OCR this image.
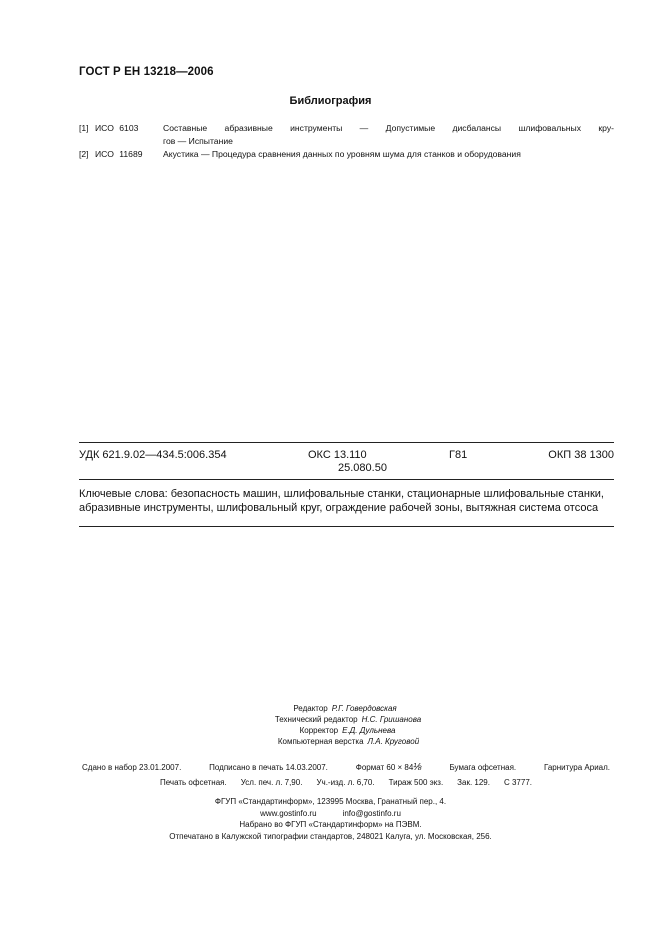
ГОСТ Р ЕН 13218—2006
Библиография
[1] ИСО 6103	Составные абразивные инструменты — Допустимые дисбалансы шлифовальных кру-
гов — Испытание
[2] ИСО 11689	Акустика — Процедура сравнения данных по уровням шума для станков и оборудования
УДК 621.9.02—434.5:006.354	ОКС 13.110
25.080.50
Г81	ОКП 38 1300
Ключевые слова: безопасность машин, шлифовальные станки, стационарные шлифовальные станки,
абразивные инструменты, шлифовальный круг, ограждение рабочей зоны, вытяжная система отсоса
Редактор Р.Г. Говердовская
Технический редактор Н.С. Гришанова
Корректор Е.Д. Дульнева
Компьютерная верстка Л.А. Круговой
Сдано в набор 23.01.2007.	Подписано в печать 14.03.2007.	Формат 60 × 84⅛	Бумага офсетная.	Гарнитура Ариал.
Печать офсетная. Усл. печ. л. 7,90. Уч.-изд. л. 6,70. Тираж 500 экз. Зак. 129. С 3777.
ФГУП «Стандартинформ», 123995 Москва, Гранатный пер., 4.
www.gostinfo.ru	info@gostinfo.ru
Набрано во ФГУП «Стандартинформ» на ПЭВМ.
Отпечатано в Калужской типографии стандартов, 248021 Калуга, ул. Московская, 256.
